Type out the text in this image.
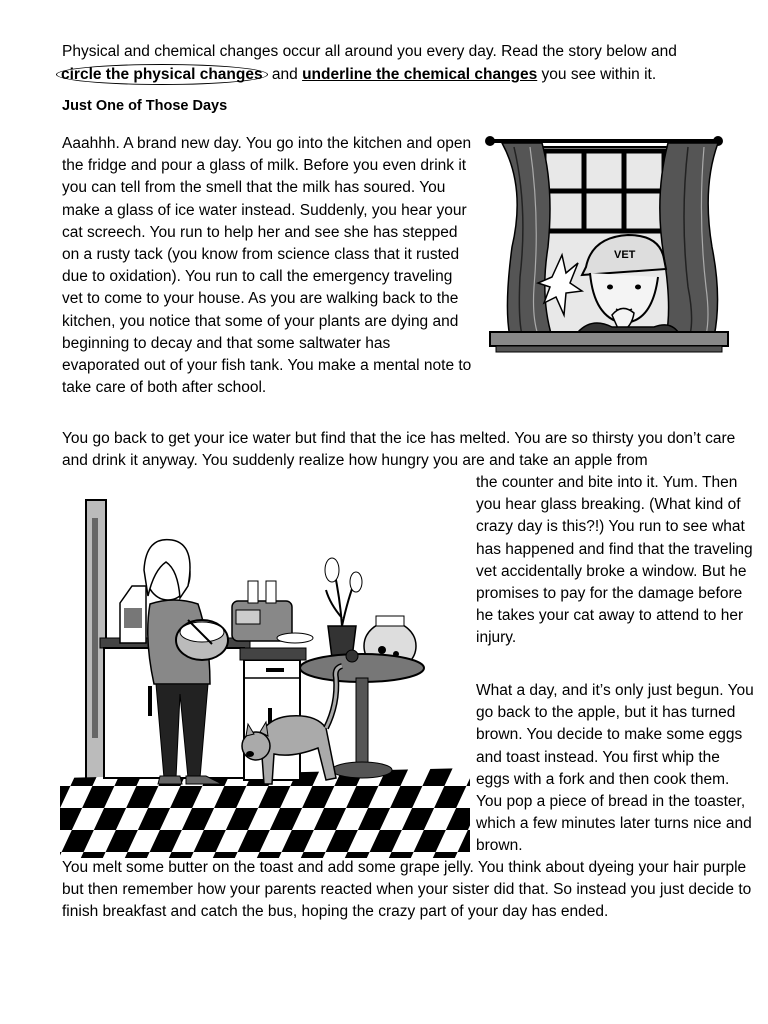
Physical and chemical changes occur all around you every day. Read the story below and
circle the physical changes and underline the chemical changes you see within it.
Just One of Those Days
Aaahhh. A brand new day. You go into the kitchen and open the fridge and pour a glass of milk. Before you even drink it you can tell from the smell that the milk has soured. You make a glass of ice water instead. Suddenly, you hear your cat screech. You run to help her and see she has stepped on a rusty tack (you know from science class that it rusted due to oxidation). You run to call the emergency traveling vet to come to your house. As you are walking back to the kitchen, you notice that some of your plants are dying and beginning to decay and that some saltwater has evaporated out of your fish tank. You make a mental note to take care of both after school.
VET
You go back to get your ice water but find that the ice has melted. You are so thirsty you don’t care and drink it anyway. You suddenly realize how hungry you are and take an apple from
the counter and bite into it. Yum. Then you hear glass breaking. (What kind of crazy day is this?!) You run to see what has happened and find that the traveling vet accidentally broke a window. But he promises to pay for the damage before he takes your cat away to attend to her injury.
What a day, and it’s only just begun. You go back to the apple, but it has turned brown. You decide to make some eggs and toast instead. You first whip the eggs with a fork and then cook them. You pop a piece of bread in the toaster, which a few minutes later turns nice and brown.
You melt some butter on the toast and add some grape jelly. You think about dyeing your hair purple but then remember how your parents reacted when your sister did that. So instead you just decide to finish breakfast and catch the bus, hoping the crazy part of your day has ended.
